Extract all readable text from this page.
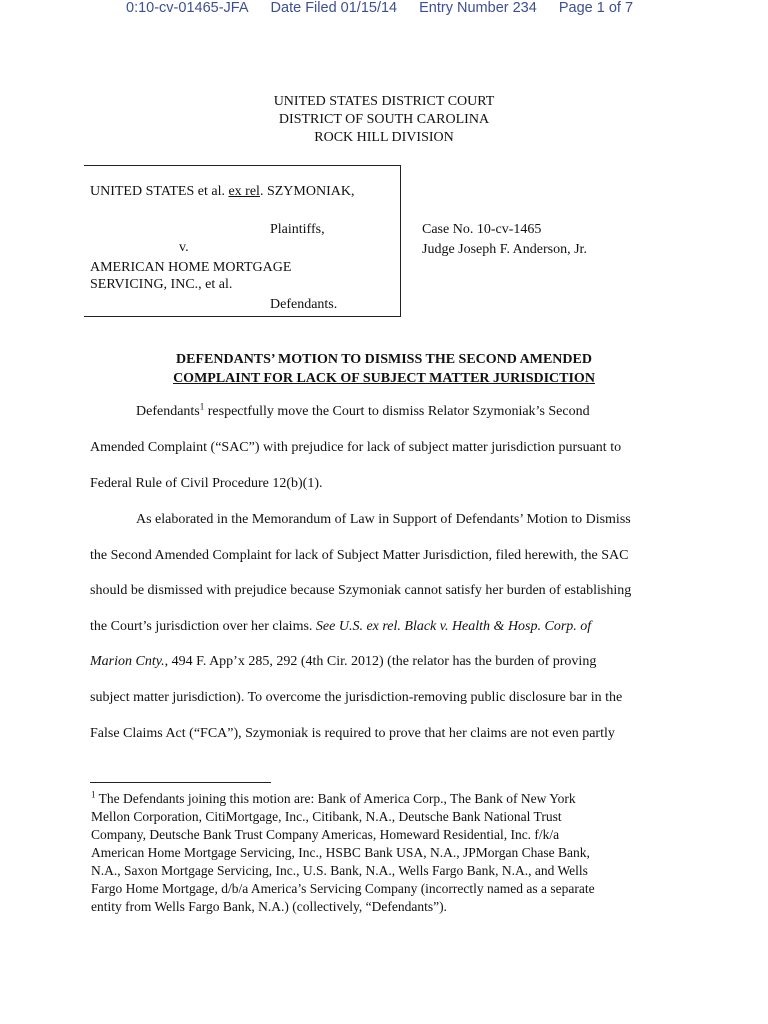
0:10-cv-01465-JFA Date Filed 01/15/14 Entry Number 234 Page 1 of 7
UNITED STATES DISTRICT COURT
DISTRICT OF SOUTH CAROLINA
ROCK HILL DIVISION
UNITED STATES et al. ex rel. SZYMONIAK,
Plaintiffs,
v.
AMERICAN HOME MORTGAGE
SERVICING, INC., et al.
Defendants.
Case No. 10-cv-1465
Judge Joseph F. Anderson, Jr.
DEFENDANTS’ MOTION TO DISMISS THE SECOND AMENDED
COMPLAINT FOR LACK OF SUBJECT MATTER JURISDICTION
Defendants$^1$ respectfully move the Court to dismiss Relator Szymoniak’s Second
Amended Complaint (“SAC”) with prejudice for lack of subject matter jurisdiction pursuant to
Federal Rule of Civil Procedure 12(b)(1).
As elaborated in the Memorandum of Law in Support of Defendants’ Motion to Dismiss
the Second Amended Complaint for lack of Subject Matter Jurisdiction, filed herewith, the SAC
should be dismissed with prejudice because Szymoniak cannot satisfy her burden of establishing
the Court’s jurisdiction over her claims. See U.S. ex rel. Black v. Health & Hosp. Corp. of
Marion Cnty., 494 F. App’x 285, 292 (4th Cir. 2012) (the relator has the burden of proving
subject matter jurisdiction). To overcome the jurisdiction-removing public disclosure bar in the
False Claims Act (“FCA”), Szymoniak is required to prove that her claims are not even partly
$^1$ The Defendants joining this motion are: Bank of America Corp., The Bank of New York
Mellon Corporation, CitiMortgage, Inc., Citibank, N.A., Deutsche Bank National Trust
Company, Deutsche Bank Trust Company Americas, Homeward Residential, Inc. f/k/a
American Home Mortgage Servicing, Inc., HSBC Bank USA, N.A., JPMorgan Chase Bank,
N.A., Saxon Mortgage Servicing, Inc., U.S. Bank, N.A., Wells Fargo Bank, N.A., and Wells
Fargo Home Mortgage, d/b/a America’s Servicing Company (incorrectly named as a separate
entity from Wells Fargo Bank, N.A.) (collectively, “Defendants”).
